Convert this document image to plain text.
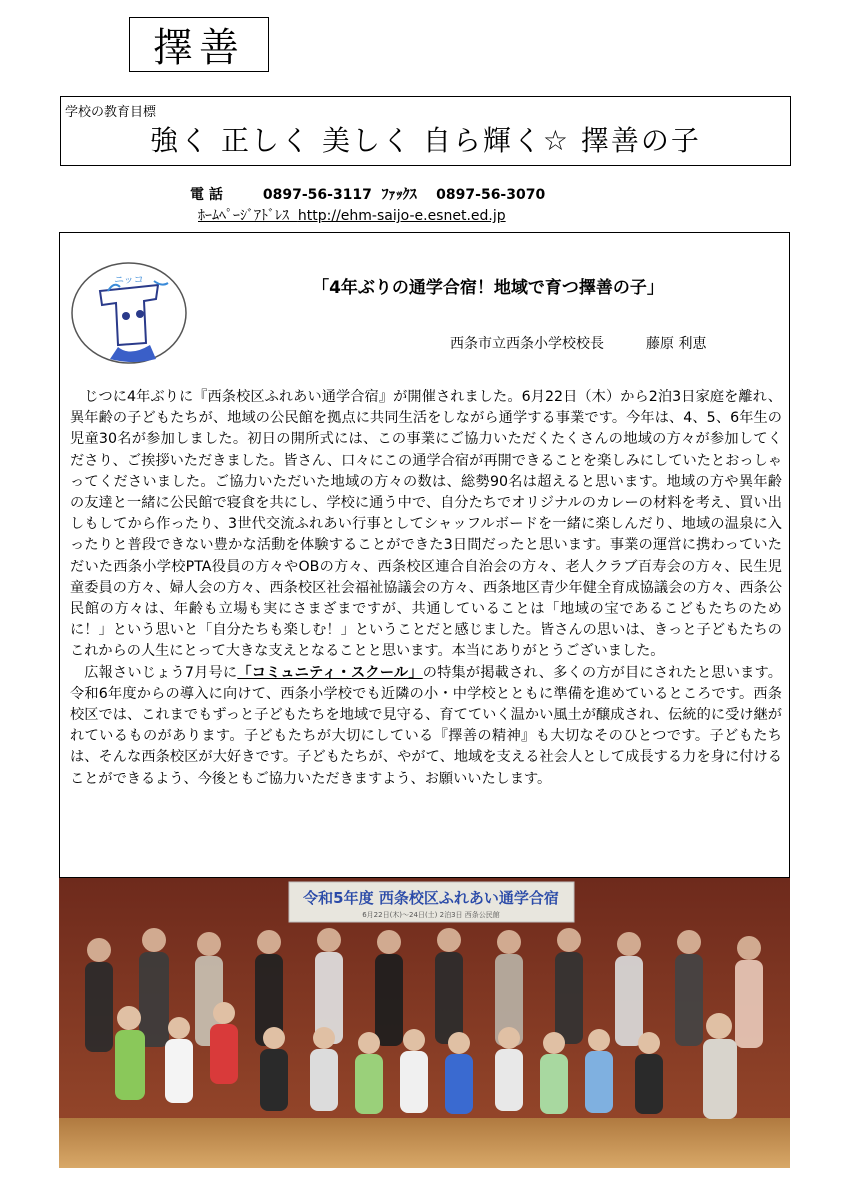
擇善
学校の教育目標
強く 正しく 美しく 自ら輝く☆ 擇善の子
電 話	0897-56-3117 ﾌｧｯｸｽ 0897-56-3070
ﾎｰﾑﾍﾟｰｼﾞｱﾄﾞﾚｽ http://ehm-saijo-e.esnet.ed.jp
ニッコ	「4年ぶりの通学合宿！地域で育つ擇善の子」
西条市立西条小学校校長	藤原 利恵

じつに4年ぶりに『西条校区ふれあい通学合宿』が開催されました。6月22日（木）から2泊3日家庭を離れ、異年齢の子どもたちが、地域の公民館を拠点に共同生活をしながら通学する事業です。今年は、4、5、6年生の児童30名が参加しました。初日の開所式には、この事業にご協力いただくたくさんの地域の方々が参加してくださり、ご挨拶いただきました。皆さん、口々にこの通学合宿が再開できることを楽しみにしていたとおっしゃってくださいました。ご協力いただいた地域の方々の数は、総勢90名は超えると思います。地域の方や異年齢の友達と一緒に公民館で寝食を共にし、学校に通う中で、自分たちでオリジナルのカレーの材料を考え、買い出しもしてから作ったり、3世代交流ふれあい行事としてシャッフルボードを一緒に楽しんだり、地域の温泉に入ったりと普段できない豊かな活動を体験することができた3日間だったと思います。事業の運営に携わっていただいた西条小学校PTA役員の方々やOBの方々、西条校区連合自治会の方々、老人クラブ百寿会の方々、民生児童委員の方々、婦人会の方々、西条校区社会福祉協議会の方々、西条地区青少年健全育成協議会の方々、西条公民館の方々は、年齢も立場も実にさまざまですが、共通していることは「地域の宝であるこどもたちのために！」という思いと「自分たちも楽しむ！」ということだと感じました。皆さんの思いは、きっと子どもたちのこれからの人生にとって大きな支えとなることと思います。本当にありがとうございました。

広報さいじょう7月号に「コミュニティ・スクール」の特集が掲載され、多くの方が目にされたと思います。令和6年度からの導入に向けて、西条小学校でも近隣の小・中学校とともに準備を進めているところです。西条校区では、これまでもずっと子どもたちを地域で見守る、育てていく温かい風土が醸成され、伝統的に受け継がれているものがあります。子どもたちが大切にしている『擇善の精神』も大切なそのひとつです。子どもたちは、そんな西条校区が大好きです。子どもたちが、やがて、地域を支える社会人として成長する力を身に付けることができるよう、今後ともご協力いただきますよう、お願いいたします。

令和5年度 西条校区ふれあい通学合宿
6月22日(木)〜24日(土) 2泊3日 西条公民館
